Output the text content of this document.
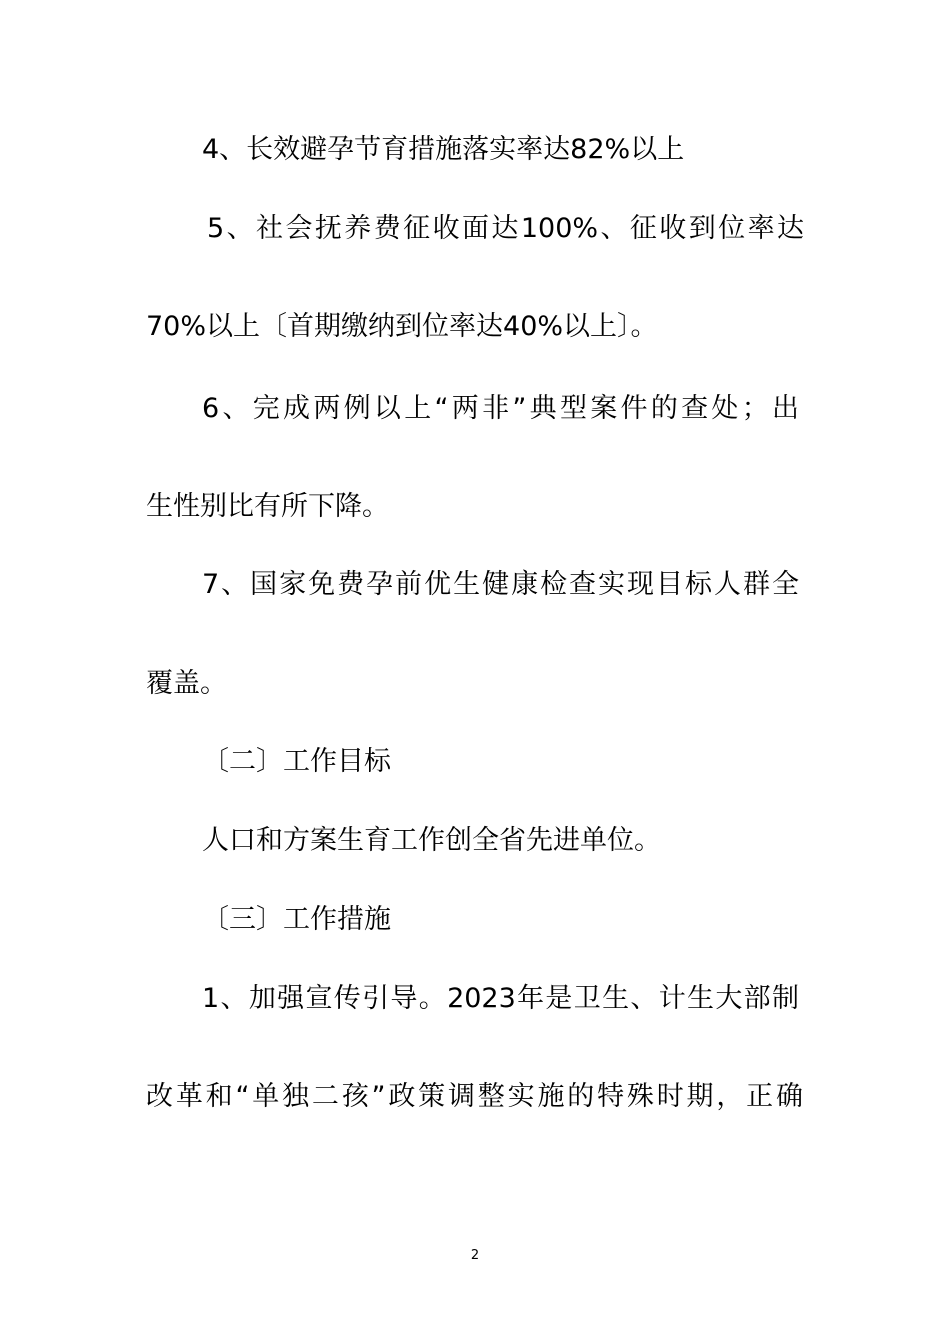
4、长效避孕节育措施落实率达82%以上
5、社会抚养费征收面达100%、征收到位率达
70%以上〔首期缴纳到位率达40%以上〕。
6、完成两例以上“两非”典型案件的查处；出
生性别比有所下降。
7、国家免费孕前优生健康检查实现目标人群全
覆盖。
〔二〕工作目标
人口和方案生育工作创全省先进单位。
〔三〕工作措施
1、加强宣传引导。2023年是卫生、计生大部制
改革和“单独二孩”政策调整实施的特殊时期，正确
2
